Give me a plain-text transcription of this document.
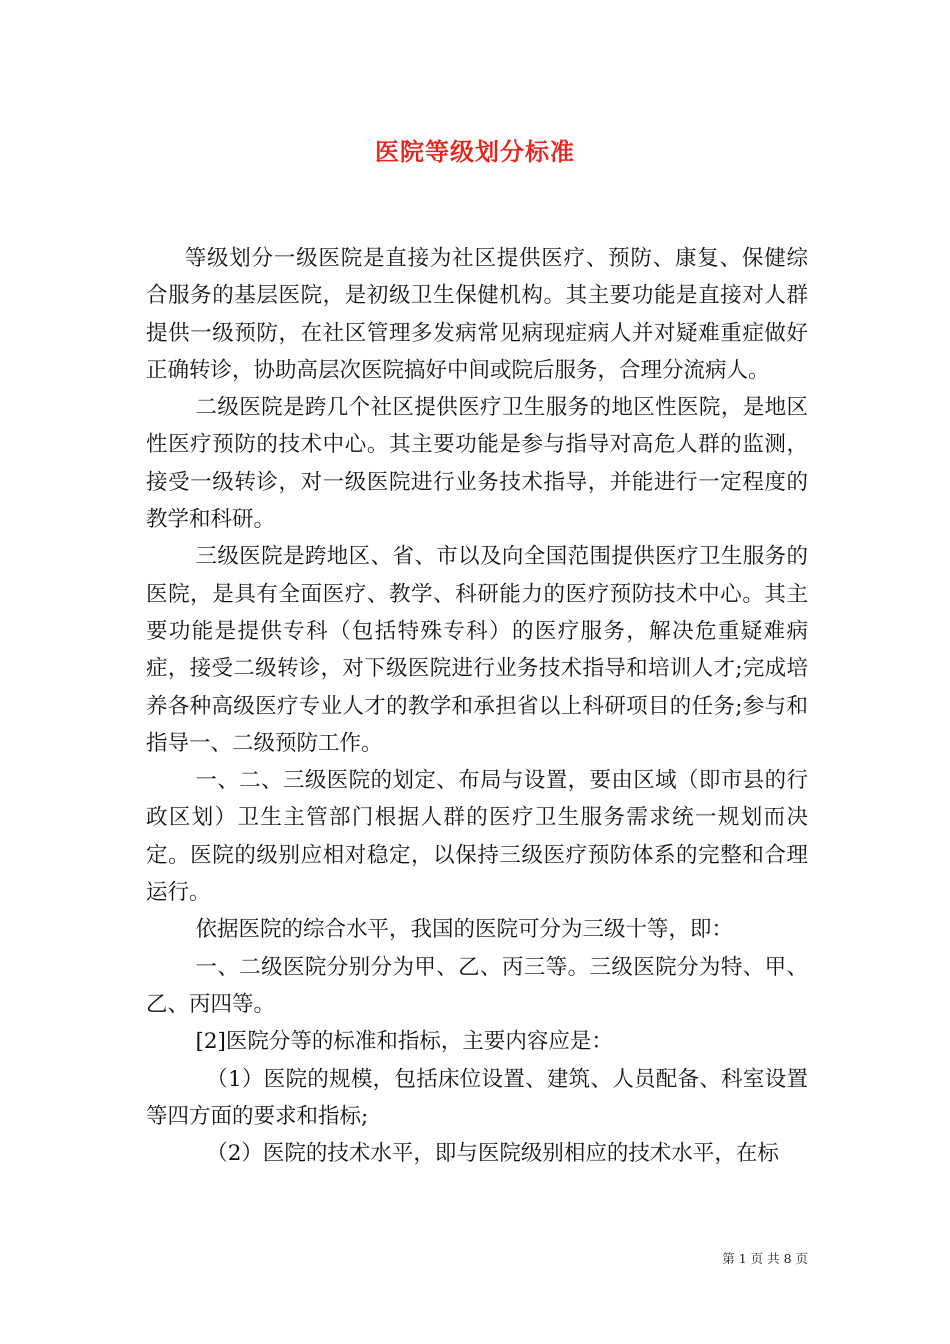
医院等级划分标准

等级划分一级医院是直接为社区提供医疗、预防、康复、保健综合服务的基层医院，是初级卫生保健机构。其主要功能是直接对人群提供一级预防，在社区管理多发病常见病现症病人并对疑难重症做好正确转诊，协助高层次医院搞好中间或院后服务，合理分流病人。

二级医院是跨几个社区提供医疗卫生服务的地区性医院，是地区性医疗预防的技术中心。其主要功能是参与指导对高危人群的监测，接受一级转诊，对一级医院进行业务技术指导，并能进行一定程度的教学和科研。

三级医院是跨地区、省、市以及向全国范围提供医疗卫生服务的医院，是具有全面医疗、教学、科研能力的医疗预防技术中心。其主要功能是提供专科（包括特殊专科）的医疗服务，解决危重疑难病症，接受二级转诊，对下级医院进行业务技术指导和培训人才;完成培养各种高级医疗专业人才的教学和承担省以上科研项目的任务;参与和指导一、二级预防工作。

一、二、三级医院的划定、布局与设置，要由区域（即市县的行政区划）卫生主管部门根据人群的医疗卫生服务需求统一规划而决定。医院的级别应相对稳定，以保持三级医疗预防体系的完整和合理运行。

依据医院的综合水平，我国的医院可分为三级十等，即：

一、二级医院分别分为甲、乙、丙三等。三级医院分为特、甲、乙、丙四等。

[2]医院分等的标准和指标，主要内容应是：

（1）医院的规模，包括床位设置、建筑、人员配备、科室设置等四方面的要求和指标;

（2）医院的技术水平，即与医院级别相应的技术水平，在标

第 1 页 共 8 页
